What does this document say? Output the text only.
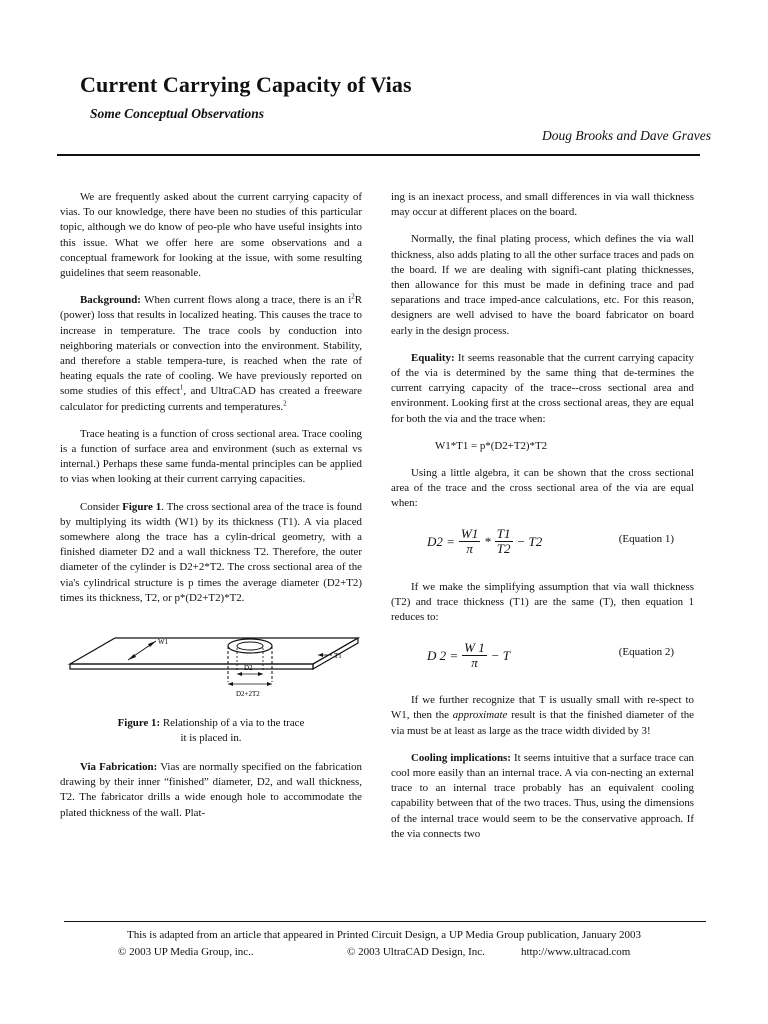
Current Carrying Capacity of Vias
Some Conceptual Observations
Doug Brooks and Dave Graves

We are frequently asked about the current carrying capacity of vias. To our knowledge, there have been no studies of this particular topic, although we do know of peo-ple who have useful insights into this issue. What we offer here are some observations and a conceptual framework for looking at the issue, with some resulting guidelines that seem reasonable.

Background: When current flows along a trace, there is an $i^2R$ (power) loss that results in localized heating. This causes the trace to increase in temperature. The trace cools by conduction into neighboring materials or convection into the environment. Stability, and therefore a stable tempera-ture, is reached when the rate of heating equals the rate of cooling. We have previously reported on some studies of this effect$^1$, and UltraCAD has created a freeware calculator for predicting currents and temperatures.$^2$

Trace heating is a function of cross sectional area. Trace cooling is a function of surface area and environment (such as external vs internal.) Perhaps these same funda-mental principles can be applied to vias when looking at their current carrying capacities.

Consider Figure 1. The cross sectional area of the trace is found by multiplying its width (W1) by its thickness (T1). A via placed somewhere along the trace has a cylin-drical geometry, with a finished diameter D2 and a wall thickness T2. Therefore, the outer diameter of the cylinder is D2+2*T2. The cross sectional area of the via's cylindrical structure is p times the average diameter (D2+T2) times its thickness, T2, or p*(D2+T2)*T2.

W1
T1
D2
D2+2T2
Figure 1: Relationship of a via to the trace
it is placed in.

Via Fabrication: Vias are normally specified on the fabrication drawing by their inner “finished” diameter, D2, and wall thickness, T2. The fabricator drills a wide enough hole to accommodate the plated thickness of the wall. Plat-

ing is an inexact process, and small differences in via wall thickness may occur at different places on the board.

Normally, the final plating process, which defines the via wall thickness, also adds plating to all the other surface traces and pads on the board. If we are dealing with signifi-cant plating thicknesses, then allowance for this must be made in defining trace and pad separations and trace imped-ance calculations, etc. For this reason, designers are well advised to have the board fabricator on board early in the design process.

Equality: It seems reasonable that the current carrying capacity of the via is determined by the same thing that de-termines the current carrying capacity of the trace--cross sectional area and environment. Looking first at the cross sectional areas, they are equal for both the via and the trace when:

W1*T1 = p*(D2+T2)*T2

Using a little algebra, it can be shown that the cross sectional area of the trace and the cross sectional area of the via are equal when:

$D2 = \frac{W1}{\pi} * \frac{T1}{T2} - T2$	(Equation 1)

If we make the simplifying assumption that via wall thickness (T2) and trace thickness (T1) are the same (T), then equation 1 reduces to:

D $2 = \frac{W 1}{\pi} - T$	(Equation 2)

If we further recognize that T is usually small with re-spect to W1, then the approximate result is that the finished diameter of the via must be at least as large as the trace width divided by 3!

Cooling implications: It seems intuitive that a surface trace can cool more easily than an internal trace. A via con-necting an external trace to an internal trace probably has an equivalent cooling capability between that of the two traces. Thus, using the dimensions of the internal trace would seem to be the conservative approach. If the via connects two

This is adapted from an article that appeared in Printed Circuit Design, a UP Media Group publication, January 2003
© 2003 UP Media Group, inc..	© 2003 UltraCAD Design, Inc.	http://www.ultracad.com
